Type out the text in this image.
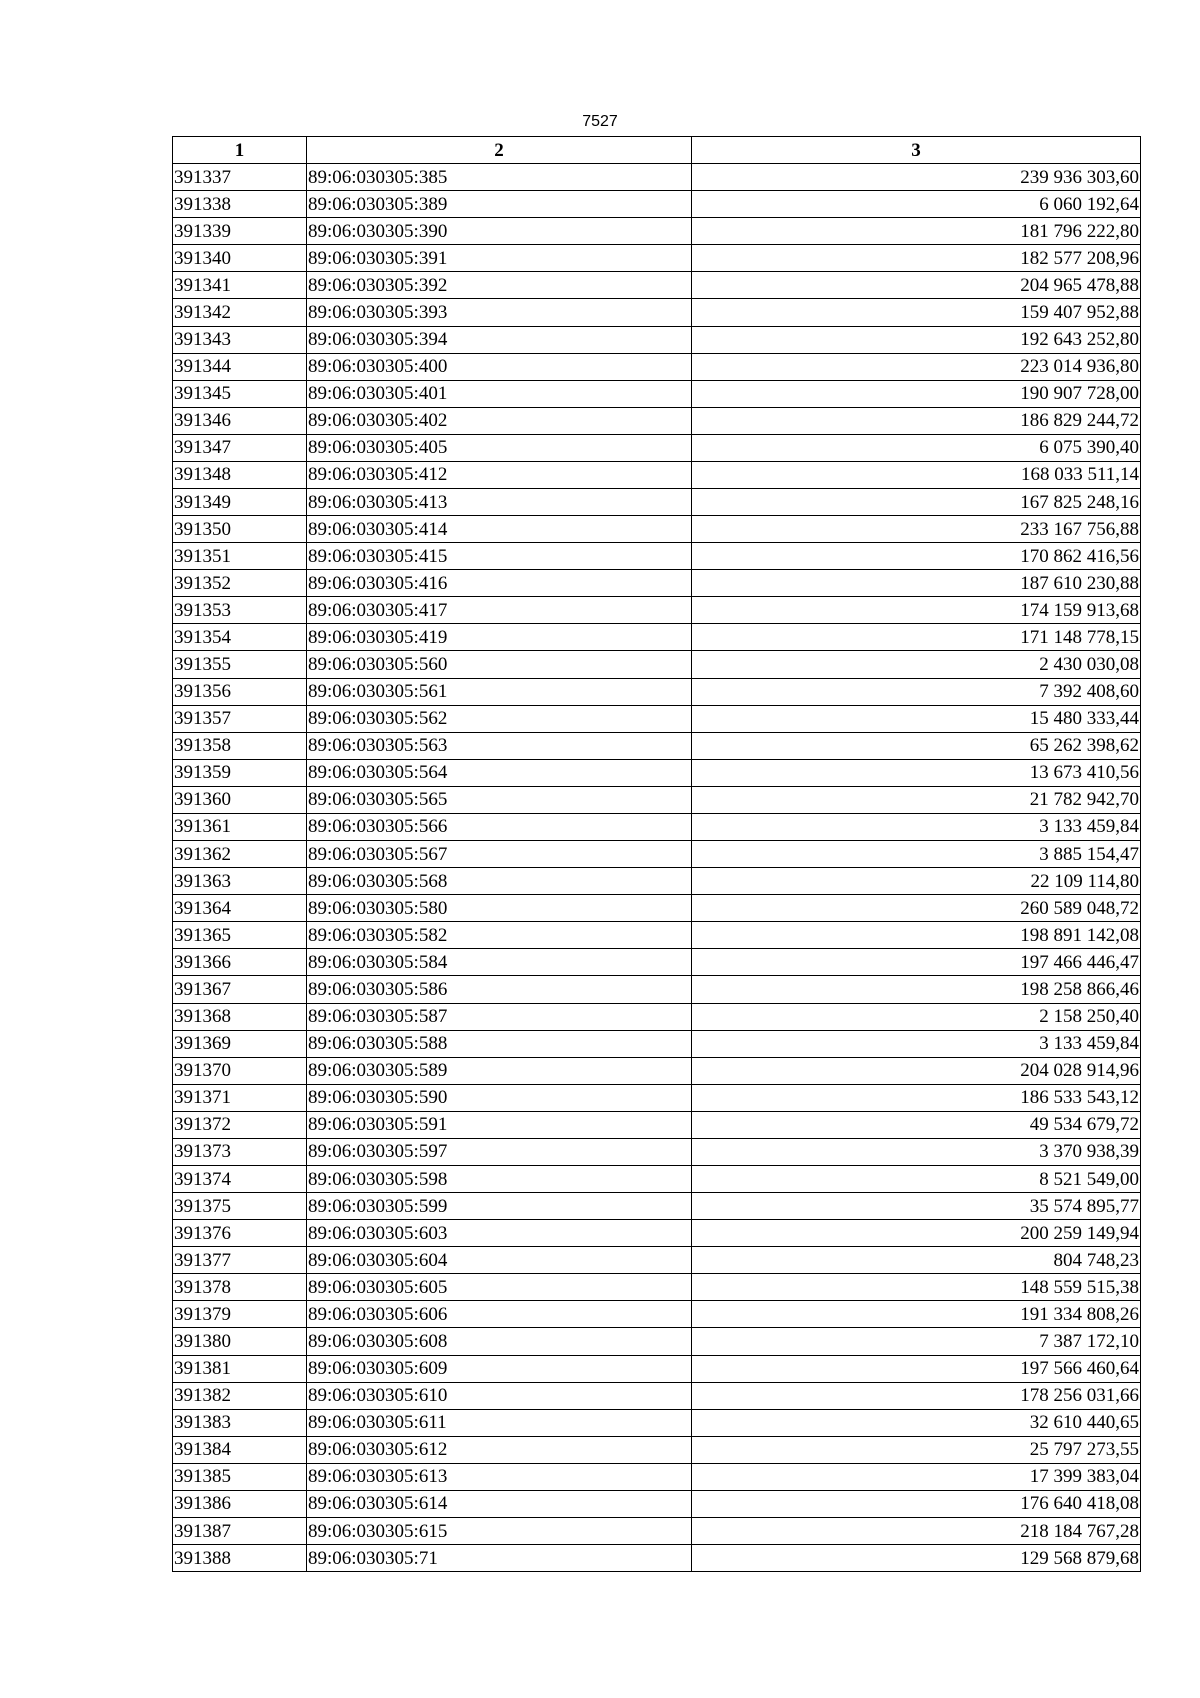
7527
1	2	3
391337	89:06:030305:385	239 936 303,60
391338	89:06:030305:389	6 060 192,64
391339	89:06:030305:390	181 796 222,80
391340	89:06:030305:391	182 577 208,96
391341	89:06:030305:392	204 965 478,88
391342	89:06:030305:393	159 407 952,88
391343	89:06:030305:394	192 643 252,80
391344	89:06:030305:400	223 014 936,80
391345	89:06:030305:401	190 907 728,00
391346	89:06:030305:402	186 829 244,72
391347	89:06:030305:405	6 075 390,40
391348	89:06:030305:412	168 033 511,14
391349	89:06:030305:413	167 825 248,16
391350	89:06:030305:414	233 167 756,88
391351	89:06:030305:415	170 862 416,56
391352	89:06:030305:416	187 610 230,88
391353	89:06:030305:417	174 159 913,68
391354	89:06:030305:419	171 148 778,15
391355	89:06:030305:560	2 430 030,08
391356	89:06:030305:561	7 392 408,60
391357	89:06:030305:562	15 480 333,44
391358	89:06:030305:563	65 262 398,62
391359	89:06:030305:564	13 673 410,56
391360	89:06:030305:565	21 782 942,70
391361	89:06:030305:566	3 133 459,84
391362	89:06:030305:567	3 885 154,47
391363	89:06:030305:568	22 109 114,80
391364	89:06:030305:580	260 589 048,72
391365	89:06:030305:582	198 891 142,08
391366	89:06:030305:584	197 466 446,47
391367	89:06:030305:586	198 258 866,46
391368	89:06:030305:587	2 158 250,40
391369	89:06:030305:588	3 133 459,84
391370	89:06:030305:589	204 028 914,96
391371	89:06:030305:590	186 533 543,12
391372	89:06:030305:591	49 534 679,72
391373	89:06:030305:597	3 370 938,39
391374	89:06:030305:598	8 521 549,00
391375	89:06:030305:599	35 574 895,77
391376	89:06:030305:603	200 259 149,94
391377	89:06:030305:604	804 748,23
391378	89:06:030305:605	148 559 515,38
391379	89:06:030305:606	191 334 808,26
391380	89:06:030305:608	7 387 172,10
391381	89:06:030305:609	197 566 460,64
391382	89:06:030305:610	178 256 031,66
391383	89:06:030305:611	32 610 440,65
391384	89:06:030305:612	25 797 273,55
391385	89:06:030305:613	17 399 383,04
391386	89:06:030305:614	176 640 418,08
391387	89:06:030305:615	218 184 767,28
391388	89:06:030305:71	129 568 879,68
